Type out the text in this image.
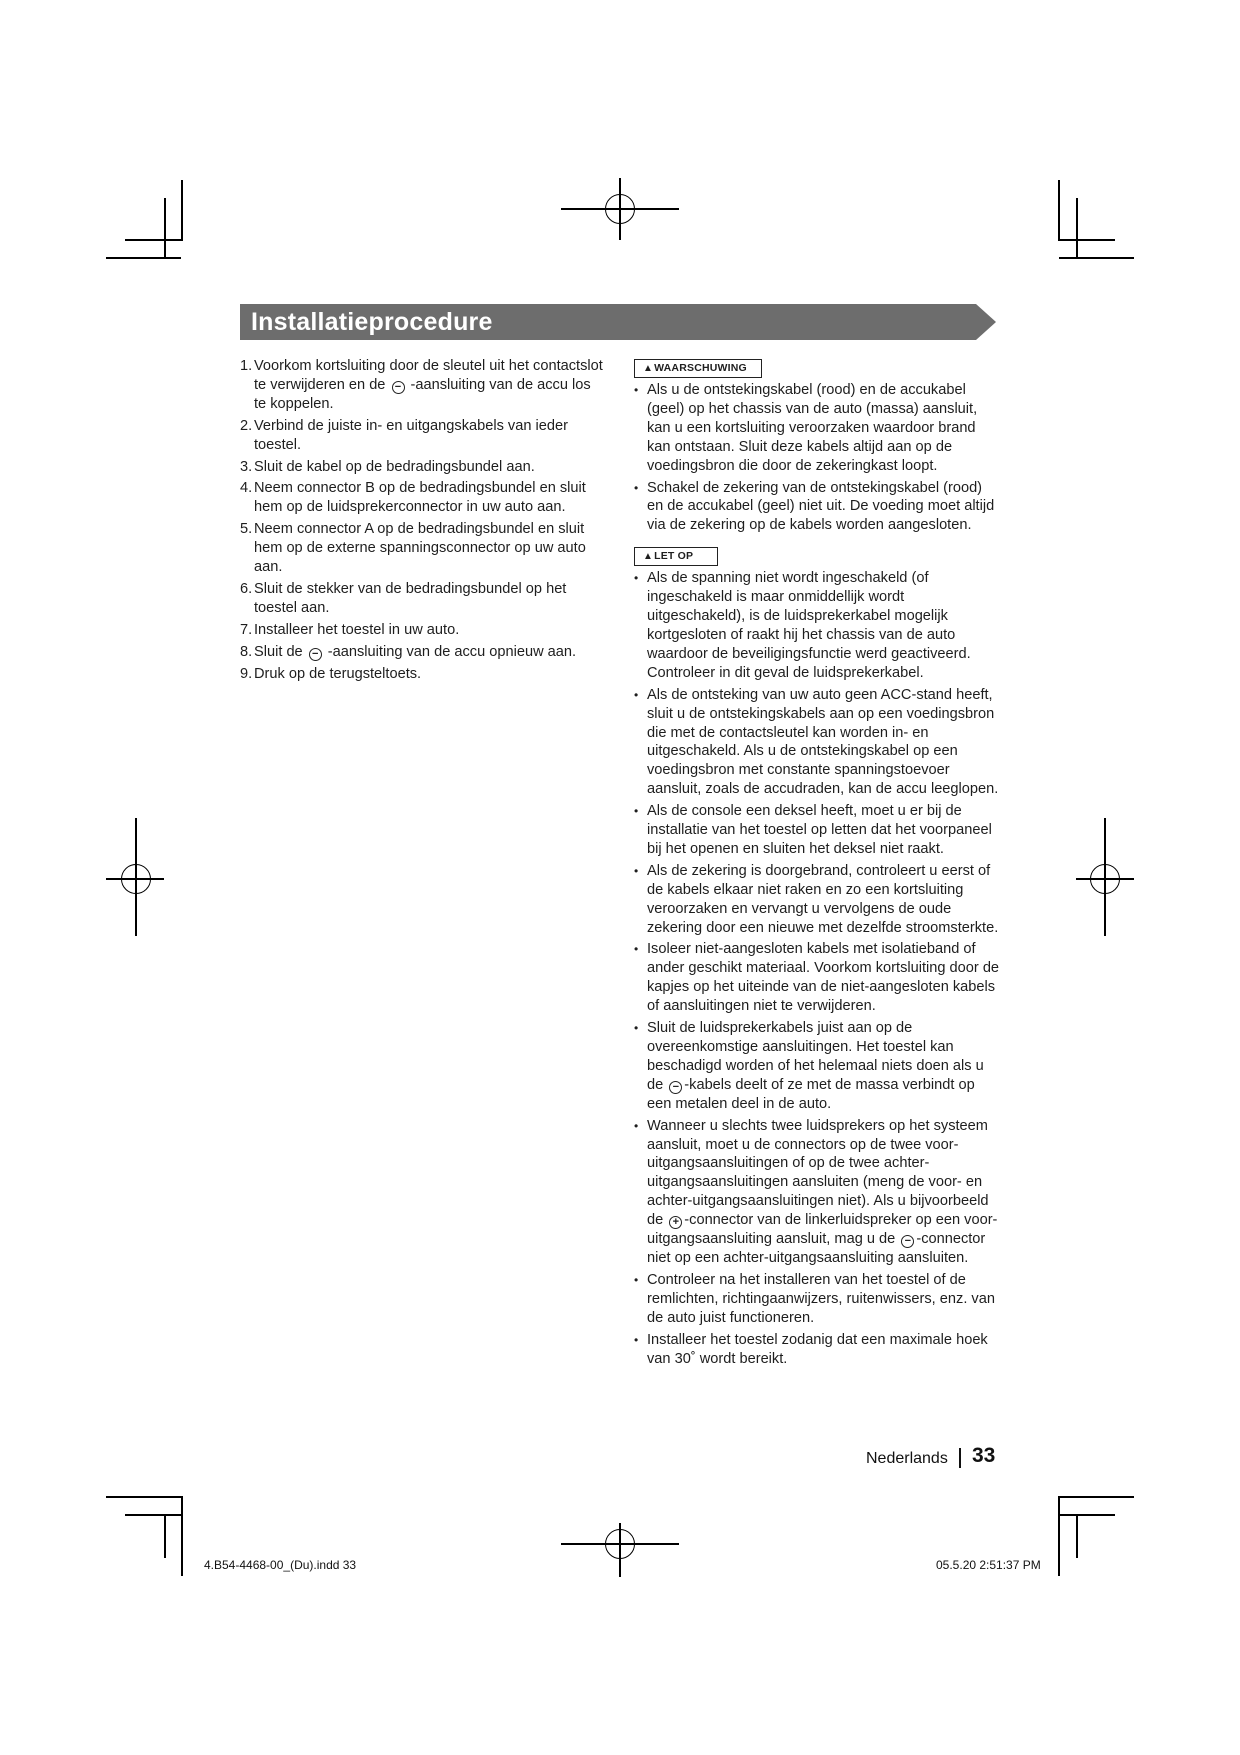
Installatieprocedure
1. Voorkom kortsluiting door de sleutel uit het contactslot te verwijderen en de − -aansluiting van de accu los te koppelen.
2. Verbind de juiste in- en uitgangskabels van ieder toestel.
3. Sluit de kabel op de bedradingsbundel aan.
4. Neem connector B op de bedradingsbundel en sluit hem op de luidsprekerconnector in uw auto aan.
5. Neem connector A op de bedradingsbundel en sluit hem op de externe spanningsconnector op uw auto aan.
6. Sluit de stekker van de bedradingsbundel op het toestel aan.
7. Installeer het toestel in uw auto.
8. Sluit de − -aansluiting van de accu opnieuw aan.
9. Druk op de terugsteltoets.
▲WAARSCHUWING
• Als u de ontstekingskabel (rood) en de accukabel (geel) op het chassis van de auto (massa) aansluit, kan u een kortsluiting veroorzaken waardoor brand kan ontstaan. Sluit deze kabels altijd aan op de voedingsbron die door de zekeringkast loopt.
• Schakel de zekering van de ontstekingskabel (rood) en de accukabel (geel) niet uit. De voeding moet altijd via de zekering op de kabels worden aangesloten.
▲LET OP
• Als de spanning niet wordt ingeschakeld (of ingeschakeld is maar onmiddellijk wordt uitgeschakeld), is de luidsprekerkabel mogelijk kortgesloten of raakt hij het chassis van de auto waardoor de beveiligingsfunctie werd geactiveerd. Controleer in dit geval de luidsprekerkabel.
• Als de ontsteking van uw auto geen ACC-stand heeft, sluit u de ontstekingskabels aan op een voedingsbron die met de contactsleutel kan worden in- en uitgeschakeld. Als u de ontstekingskabel op een voedingsbron met constante spanningstoevoer aansluit, zoals de accudraden, kan de accu leeglopen.
• Als de console een deksel heeft, moet u er bij de installatie van het toestel op letten dat het voorpaneel bij het openen en sluiten het deksel niet raakt.
• Als de zekering is doorgebrand, controleert u eerst of de kabels elkaar niet raken en zo een kortsluiting veroorzaken en vervangt u vervolgens de oude zekering door een nieuwe met dezelfde stroomsterkte.
• Isoleer niet-aangesloten kabels met isolatieband of ander geschikt materiaal. Voorkom kortsluiting door de kapjes op het uiteinde van de niet-aangesloten kabels of aansluitingen niet te verwijderen.
• Sluit de luidsprekerkabels juist aan op de overeenkomstige aansluitingen. Het toestel kan beschadigd worden of het helemaal niets doen als u de − -kabels deelt of ze met de massa verbindt op een metalen deel in de auto.
• Wanneer u slechts twee luidsprekers op het systeem aansluit, moet u de connectors op de twee voor-uitgangsaansluitingen of op de twee achter-uitgangsaansluitingen aansluiten (meng de voor- en achter-uitgangsaansluitingen niet). Als u bijvoorbeeld de + -connector van de linkerluidspreker op een voor-uitgangsaansluiting aansluit, mag u de − -connector niet op een achter-uitgangsaansluiting aansluiten.
• Controleer na het installeren van het toestel of de remlichten, richtingaanwijzers, ruitenwissers, enz. van de auto juist functioneren.
• Installeer het toestel zodanig dat een maximale hoek van 30˚ wordt bereikt.
Nederlands 33
4.B54-4468-00_(Du).indd 33	05.5.20 2:51:37 PM
